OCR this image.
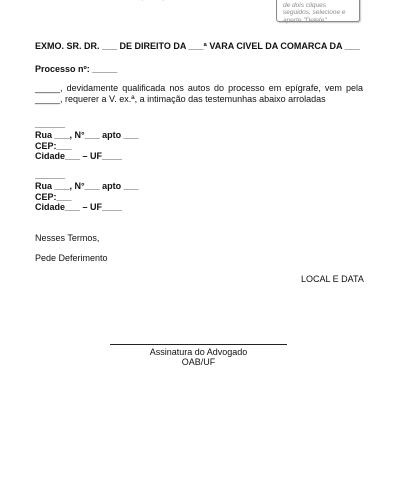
de dois cliques seguidos, selecione e aperte "Delete"
EXMO. SR. DR. ___ DE DIREITO DA ___ª VARA CIVEL DA COMARCA DA ___
Processo nº: _____
_____, devidamente qualificada nos autos do processo em epígrafe, vem pela _____, requerer a V. ex.ª, a intimação das testemunhas abaixo arroladas
______
Rua ___, N°___ apto ___
CEP:___
Cidade___ – UF____
______
Rua ___, N°___ apto ___
CEP:___
Cidade___ – UF____
Nesses Termos,
Pede Deferimento
LOCAL E DATA
Assinatura do Advogado
OAB/UF
